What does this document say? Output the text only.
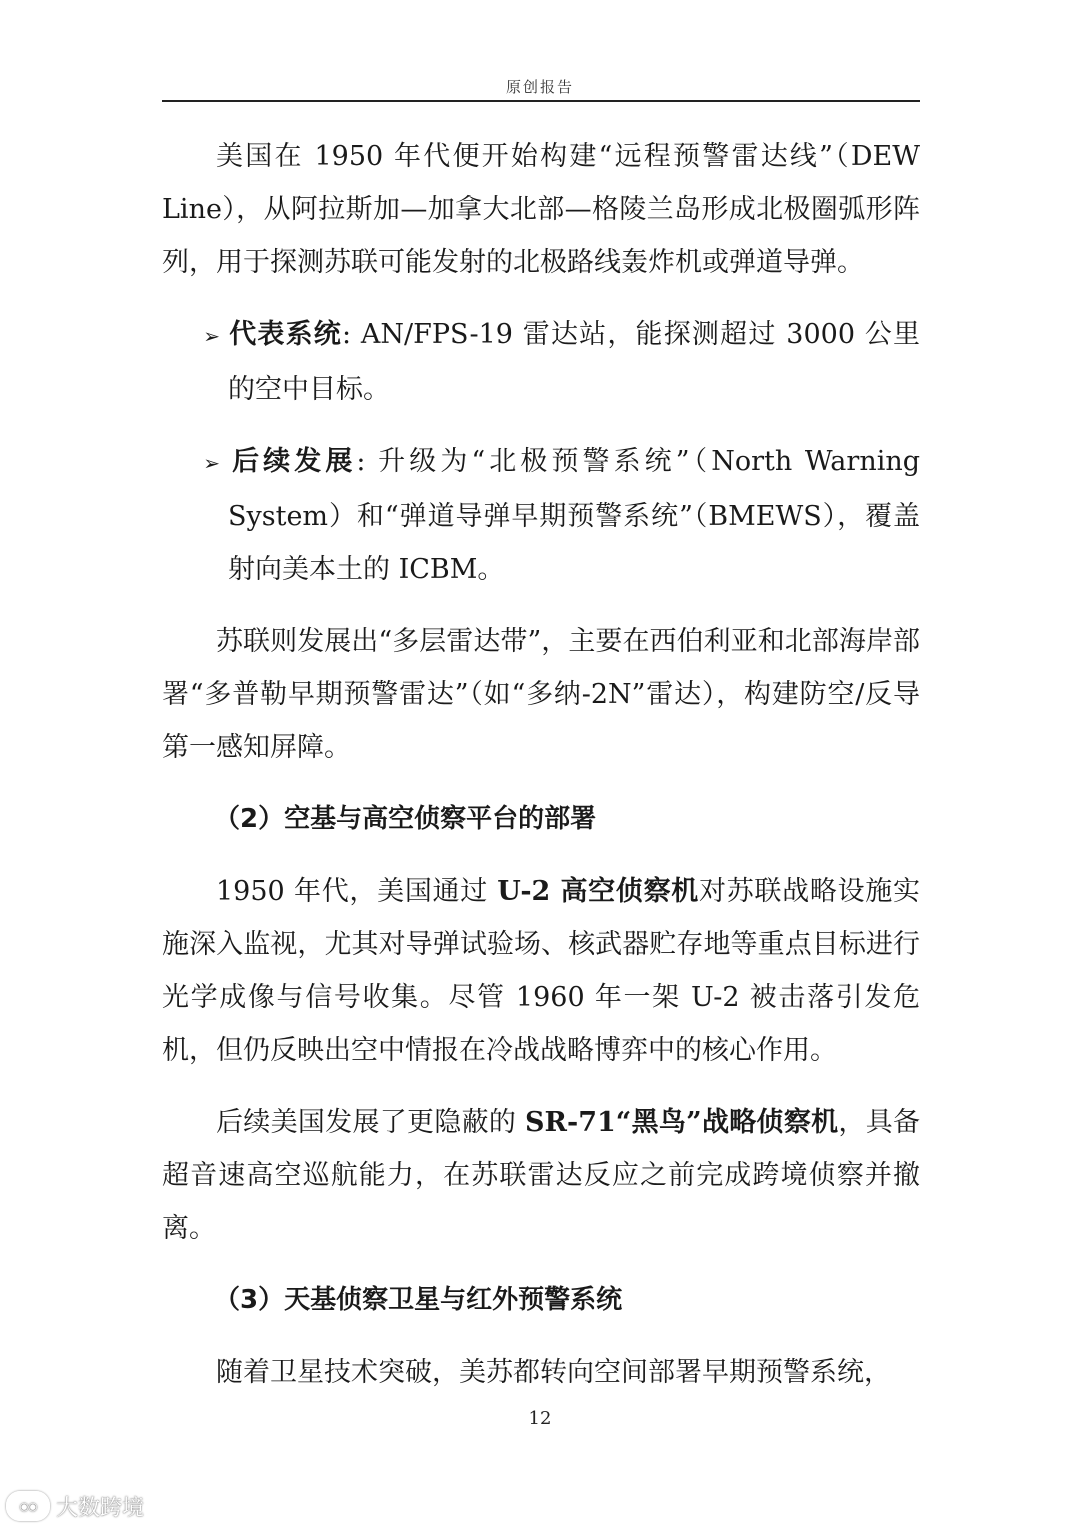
原创报告

美国在 1950 年代便开始构建“远程预警雷达线”（DEW Line），从阿拉斯加—加拿大北部—格陵兰岛形成北极圈弧形阵列，用于探测苏联可能发射的北极路线轰炸机或弹道导弹。

➢ 代表系统: AN/FPS-19 雷达站，能探测超过 3000 公里的空中目标。

➢ 后续发展: 升级为“北极预警系统”（North Warning System）和“弹道导弹早期预警系统”（BMEWS），覆盖射向美本土的 ICBM。

苏联则发展出“多层雷达带”，主要在西伯利亚和北部海岸部署“多普勒早期预警雷达”（如“多纳-2N”雷达），构建防空/反导第一感知屏障。

（2）空基与高空侦察平台的部署

1950 年代，美国通过 U-2 高空侦察机对苏联战略设施实施深入监视，尤其对导弹试验场、核武器贮存地等重点目标进行光学成像与信号收集。尽管 1960 年一架 U-2 被击落引发危机，但仍反映出空中情报在冷战战略博弈中的核心作用。

后续美国发展了更隐蔽的 SR-71“黑鸟”战略侦察机，具备超音速高空巡航能力，在苏联雷达反应之前完成跨境侦察并撤离。

（3）天基侦察卫星与红外预警系统

随着卫星技术突破，美苏都转向空间部署早期预警系统，

12
◉◉ 大数跨境
